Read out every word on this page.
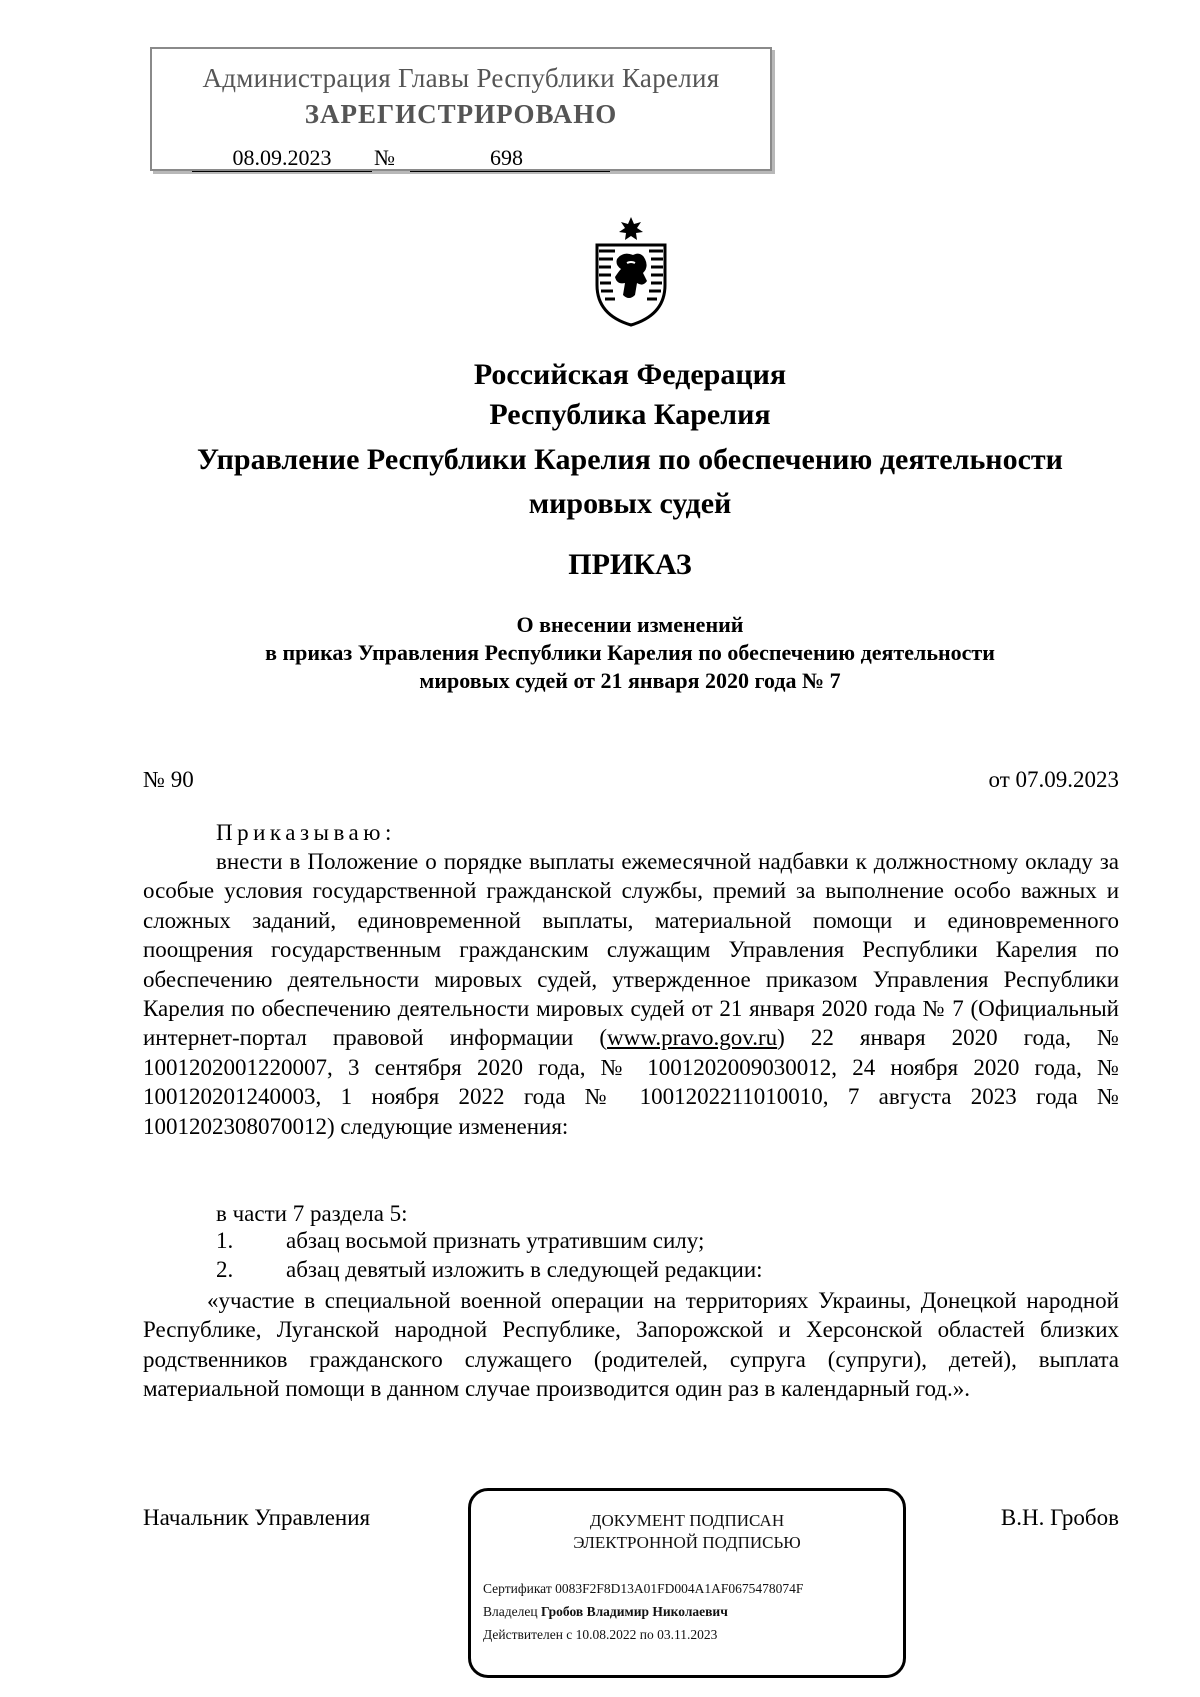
Администрация Главы Республики Карелия
ЗАРЕГИСТРИРОВАНО
08.09.2023	№	698
Российская Федерация
Республика Карелия
Управление Республики Карелия по обеспечению деятельности
мировых судей
ПРИКАЗ
О внесении изменений
в приказ Управления Республики Карелия по обеспечению деятельности
мировых судей от 21 января 2020 года № 7
№ 90	от 07.09.2023
Приказываю:
внести в Положение о порядке выплаты ежемесячной надбавки к должностному окладу за особые условия государственной гражданской службы, премий за выполнение особо важных и сложных заданий, единовременной выплаты, материальной помощи и единовременного поощрения государственным гражданским служащим Управления Республики Карелия по обеспечению деятельности мировых судей, утвержденное приказом Управления Республики Карелия по обеспечению деятельности мировых судей от 21 января 2020 года № 7 (Официальный интернет-портал правовой информации (www.pravo.gov.ru) 22 января 2020 года, № 1001202001220007, 3 сентября 2020 года, № 1001202009030012, 24 ноября 2020 года, № 100120201240003, 1 ноября 2022 года № 1001202211010010, 7 августа 2023 года № 1001202308070012) следующие изменения:
в части 7 раздела 5:
1. абзац восьмой признать утратившим силу;
2. абзац девятый изложить в следующей редакции:
«участие в специальной военной операции на территориях Украины, Донецкой народной Республике, Луганской народной Республике, Запорожской и Херсонской областей близких родственников гражданского служащего (родителей, супруга (супруги), детей), выплата материальной помощи в данном случае производится один раз в календарный год.».
Начальник Управления	В.Н. Гробов
ДОКУМЕНТ ПОДПИСАН
ЭЛЕКТРОННОЙ ПОДПИСЬЮ
Сертификат 0083F2F8D13A01FD004A1AF0675478074F
Владелец Гробов Владимир Николаевич
Действителен с 10.08.2022 по 03.11.2023
